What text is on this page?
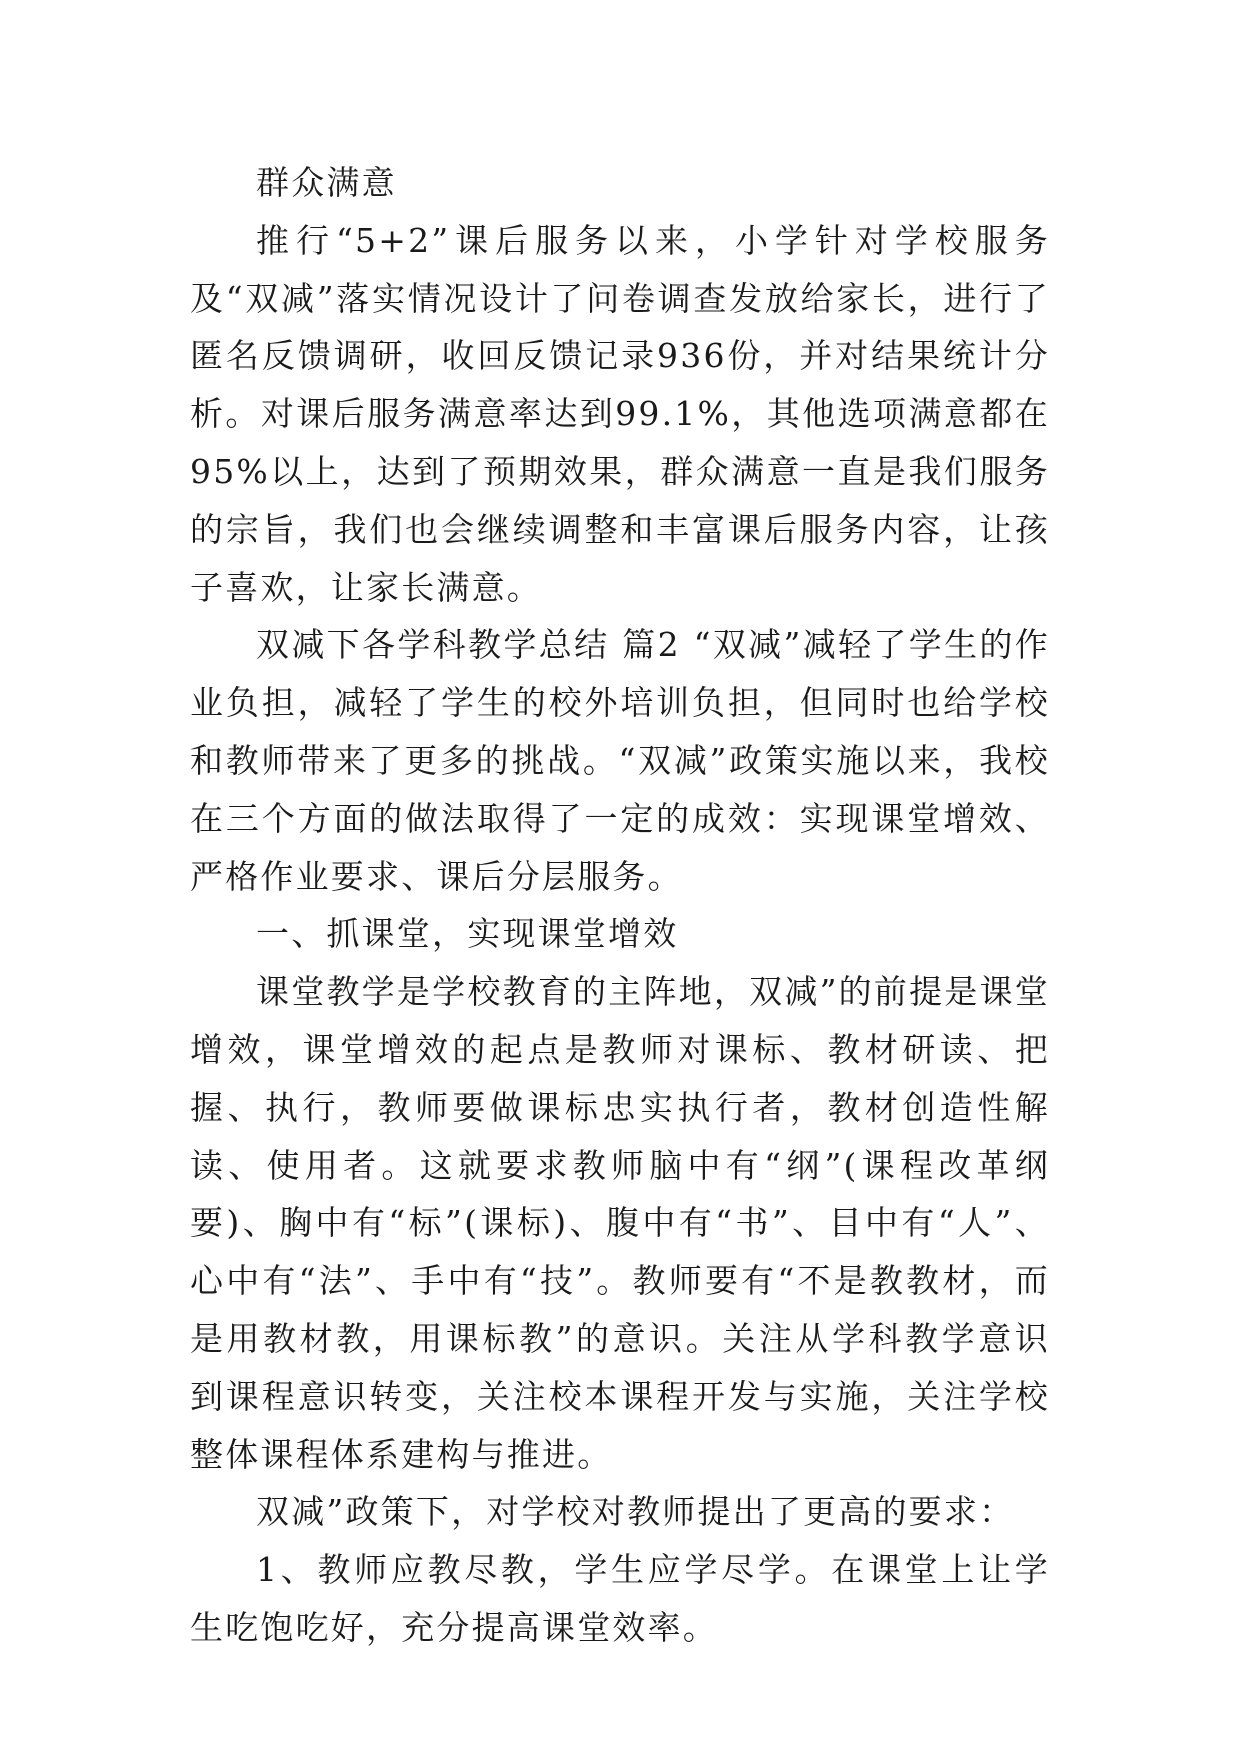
群众满意

推行“5+2”课后服务以来，小学针对学校服务及“双减”落实情况设计了问卷调查发放给家长，进行了匿名反馈调研，收回反馈记录936份，并对结果统计分析。对课后服务满意率达到99.1%，其他选项满意都在95%以上，达到了预期效果，群众满意一直是我们服务的宗旨，我们也会继续调整和丰富课后服务内容，让孩子喜欢，让家长满意。

双减下各学科教学总结 篇2 “双减”减轻了学生的作业负担，减轻了学生的校外培训负担，但同时也给学校和教师带来了更多的挑战。“双减”政策实施以来，我校在三个方面的做法取得了一定的成效：实现课堂增效、严格作业要求、课后分层服务。

一、抓课堂，实现课堂增效

课堂教学是学校教育的主阵地，双减”的前提是课堂增效，课堂增效的起点是教师对课标、教材研读、把握、执行，教师要做课标忠实执行者，教材创造性解读、使用者。这就要求教师脑中有“纲”(课程改革纲要)、胸中有“标”(课标)、腹中有“书”、目中有“人”、心中有“法”、手中有“技”。教师要有“不是教教材，而是用教材教，用课标教”的意识。关注从学科教学意识到课程意识转变，关注校本课程开发与实施，关注学校整体课程体系建构与推进。

双减”政策下，对学校对教师提出了更高的要求：

1、教师应教尽教，学生应学尽学。在课堂上让学生吃饱吃好，充分提高课堂效率。
